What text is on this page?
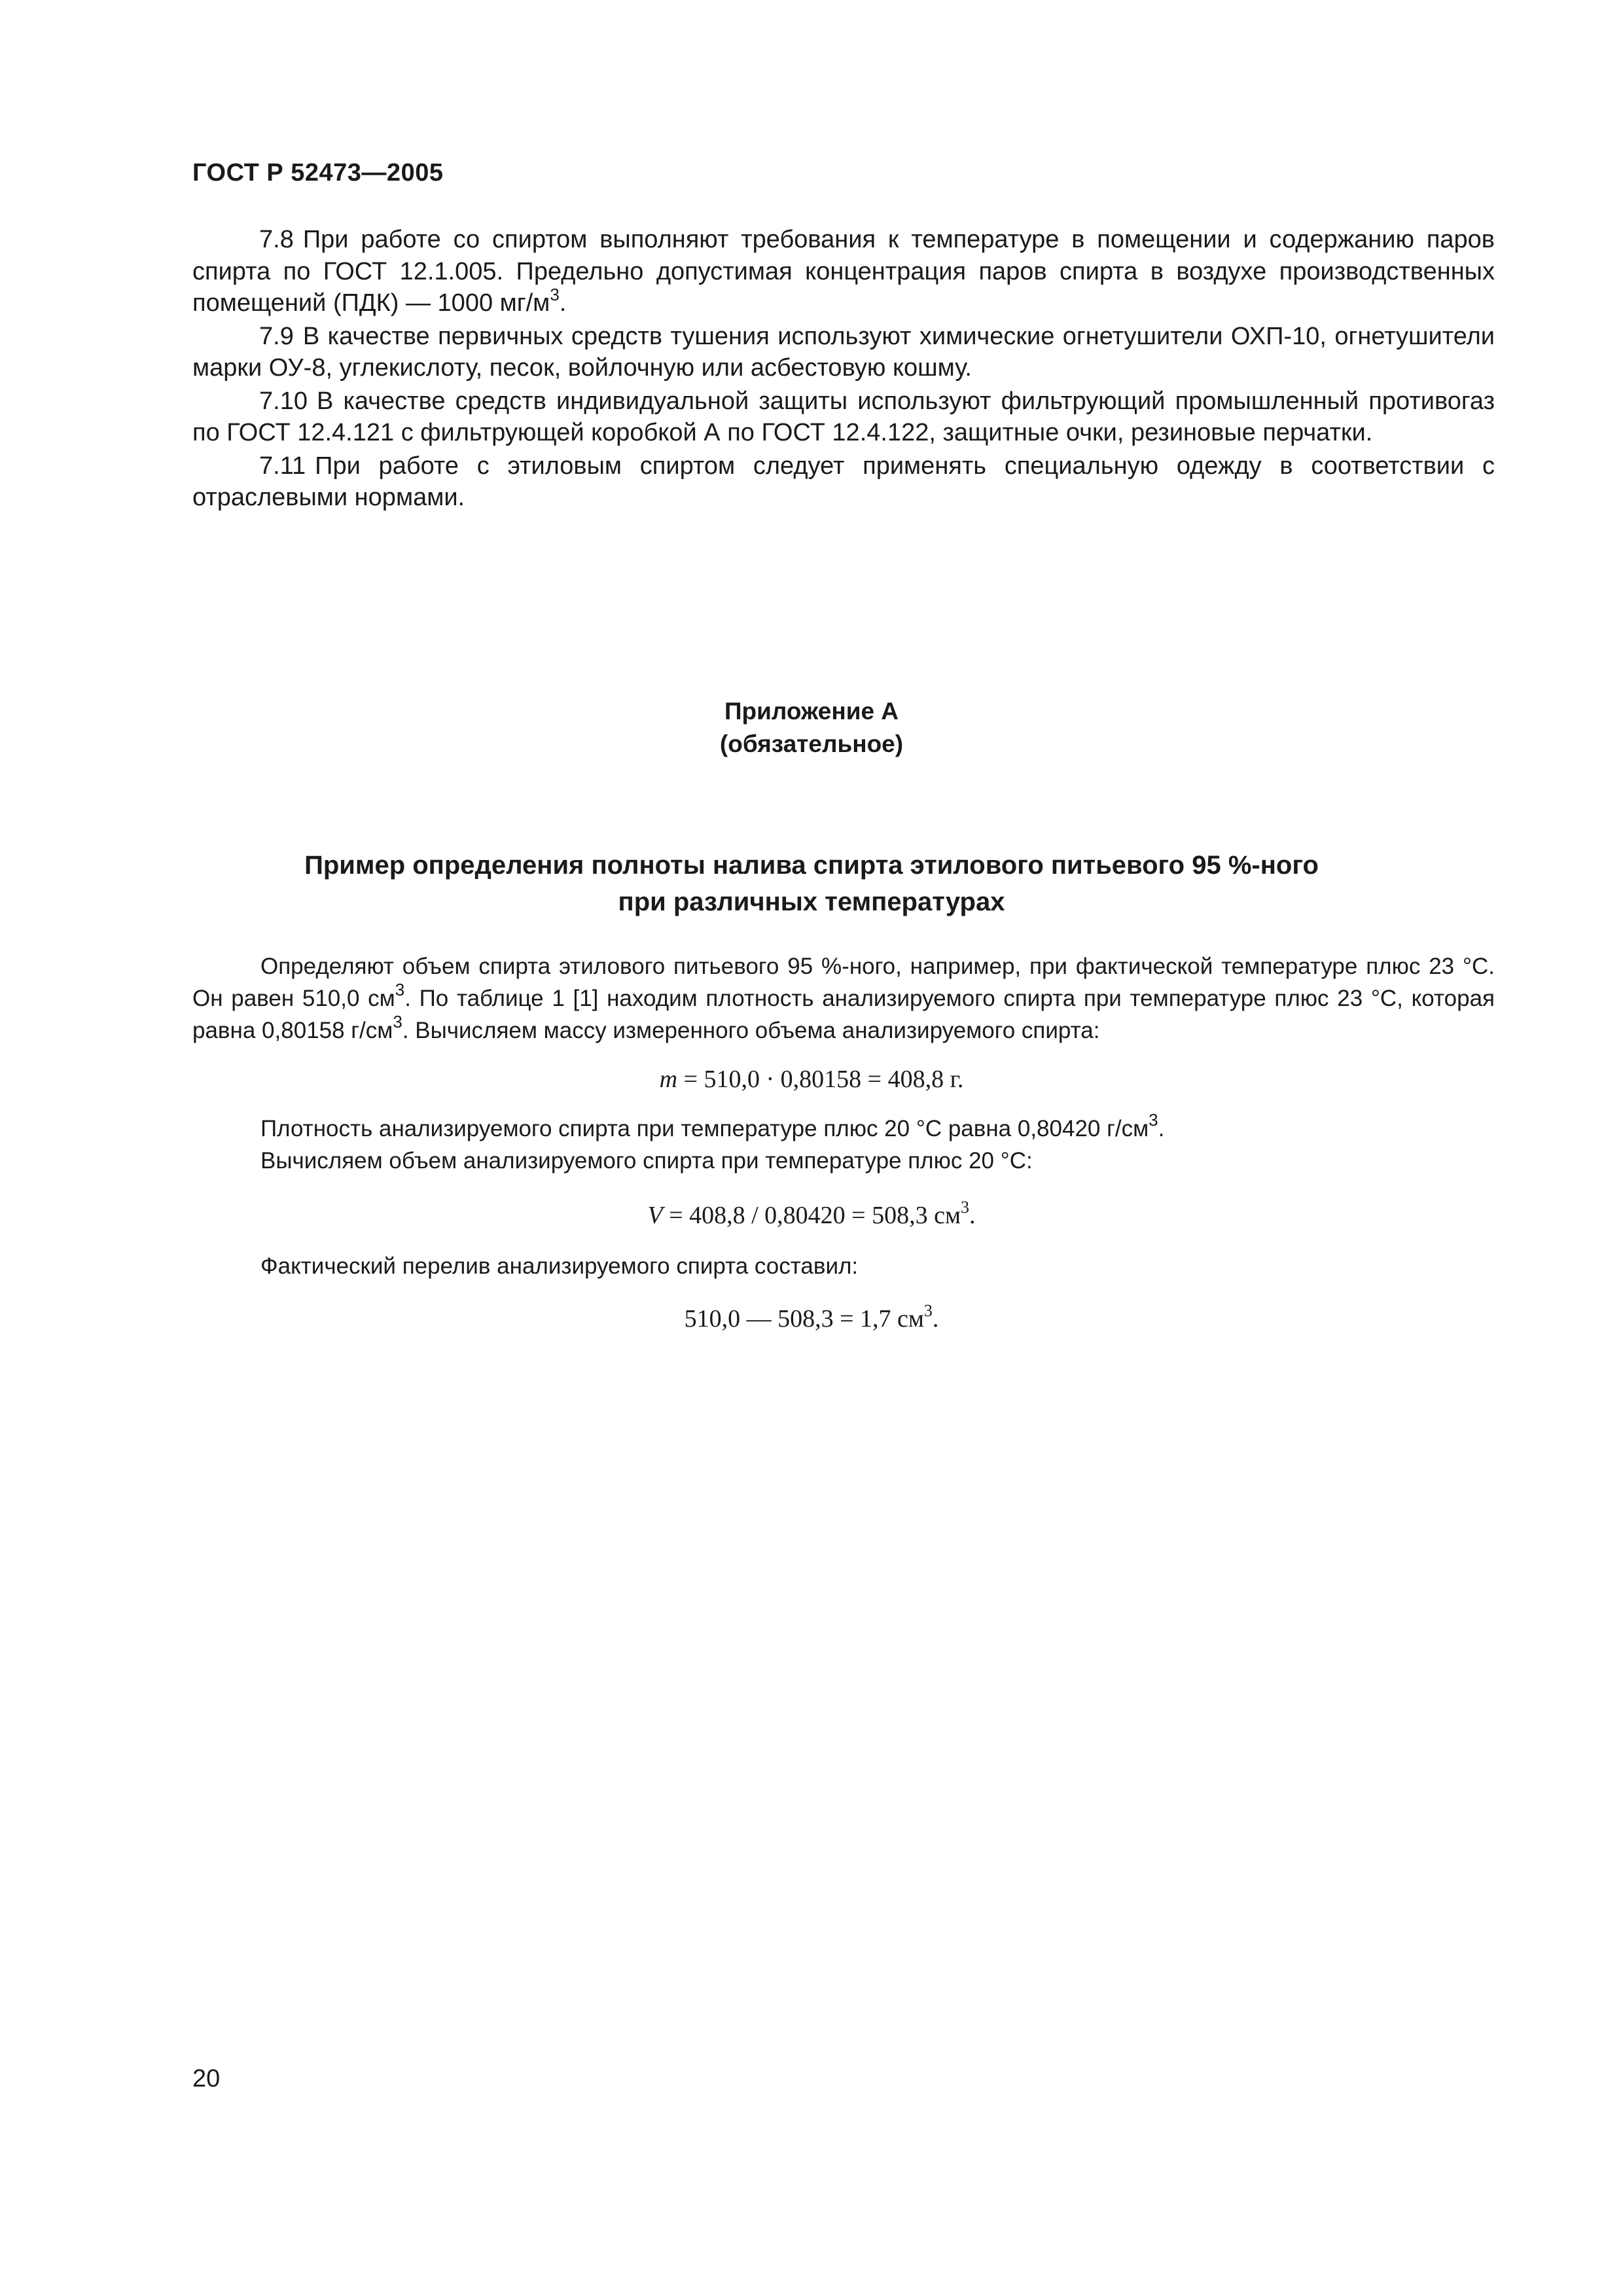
ГОСТ Р 52473—2005

7.8 При работе со спиртом выполняют требования к температуре в помещении и содержанию паров спирта по ГОСТ 12.1.005. Предельно допустимая концентрация паров спирта в воздухе производственных помещений (ПДК) — 1000 $мг/м^3$.

7.9 В качестве первичных средств тушения используют химические огнетушители ОХП-10, огнетушители марки ОУ-8, углекислоту, песок, войлочную или асбестовую кошму.

7.10 В качестве средств индивидуальной защиты используют фильтрующий промышленный противогаз по ГОСТ 12.4.121 с фильтрующей коробкой А по ГОСТ 12.4.122, защитные очки, резиновые перчатки.

7.11 При работе с этиловым спиртом следует применять специальную одежду в соответствии с отраслевыми нормами.

Приложение А
(обязательное)
Пример определения полноты налива спирта этилового питьевого 95 %-ного
при различных температурах

Определяют объем спирта этилового питьевого 95 %-ного, например, при фактической температуре плюс 23 °С. Он равен 510,0 $см^3$. По таблице 1 [1] находим плотность анализируемого спирта при температуре плюс 23 °С, которая равна 0,80158 $г/см^3$. Вычисляем массу измеренного объема анализируемого спирта:

m = 510,0 · 0,80158 = 408,8 г.

Плотность анализируемого спирта при температуре плюс 20 °С равна 0,80420 $г/см^3$.

Вычисляем объем анализируемого спирта при температуре плюс 20 °С:

V = 408,8 / 0,80420 = 508,3 $см^3$.

Фактический перелив анализируемого спирта составил:

510,0 — 508,3 = 1,7 $см^3$.
20
